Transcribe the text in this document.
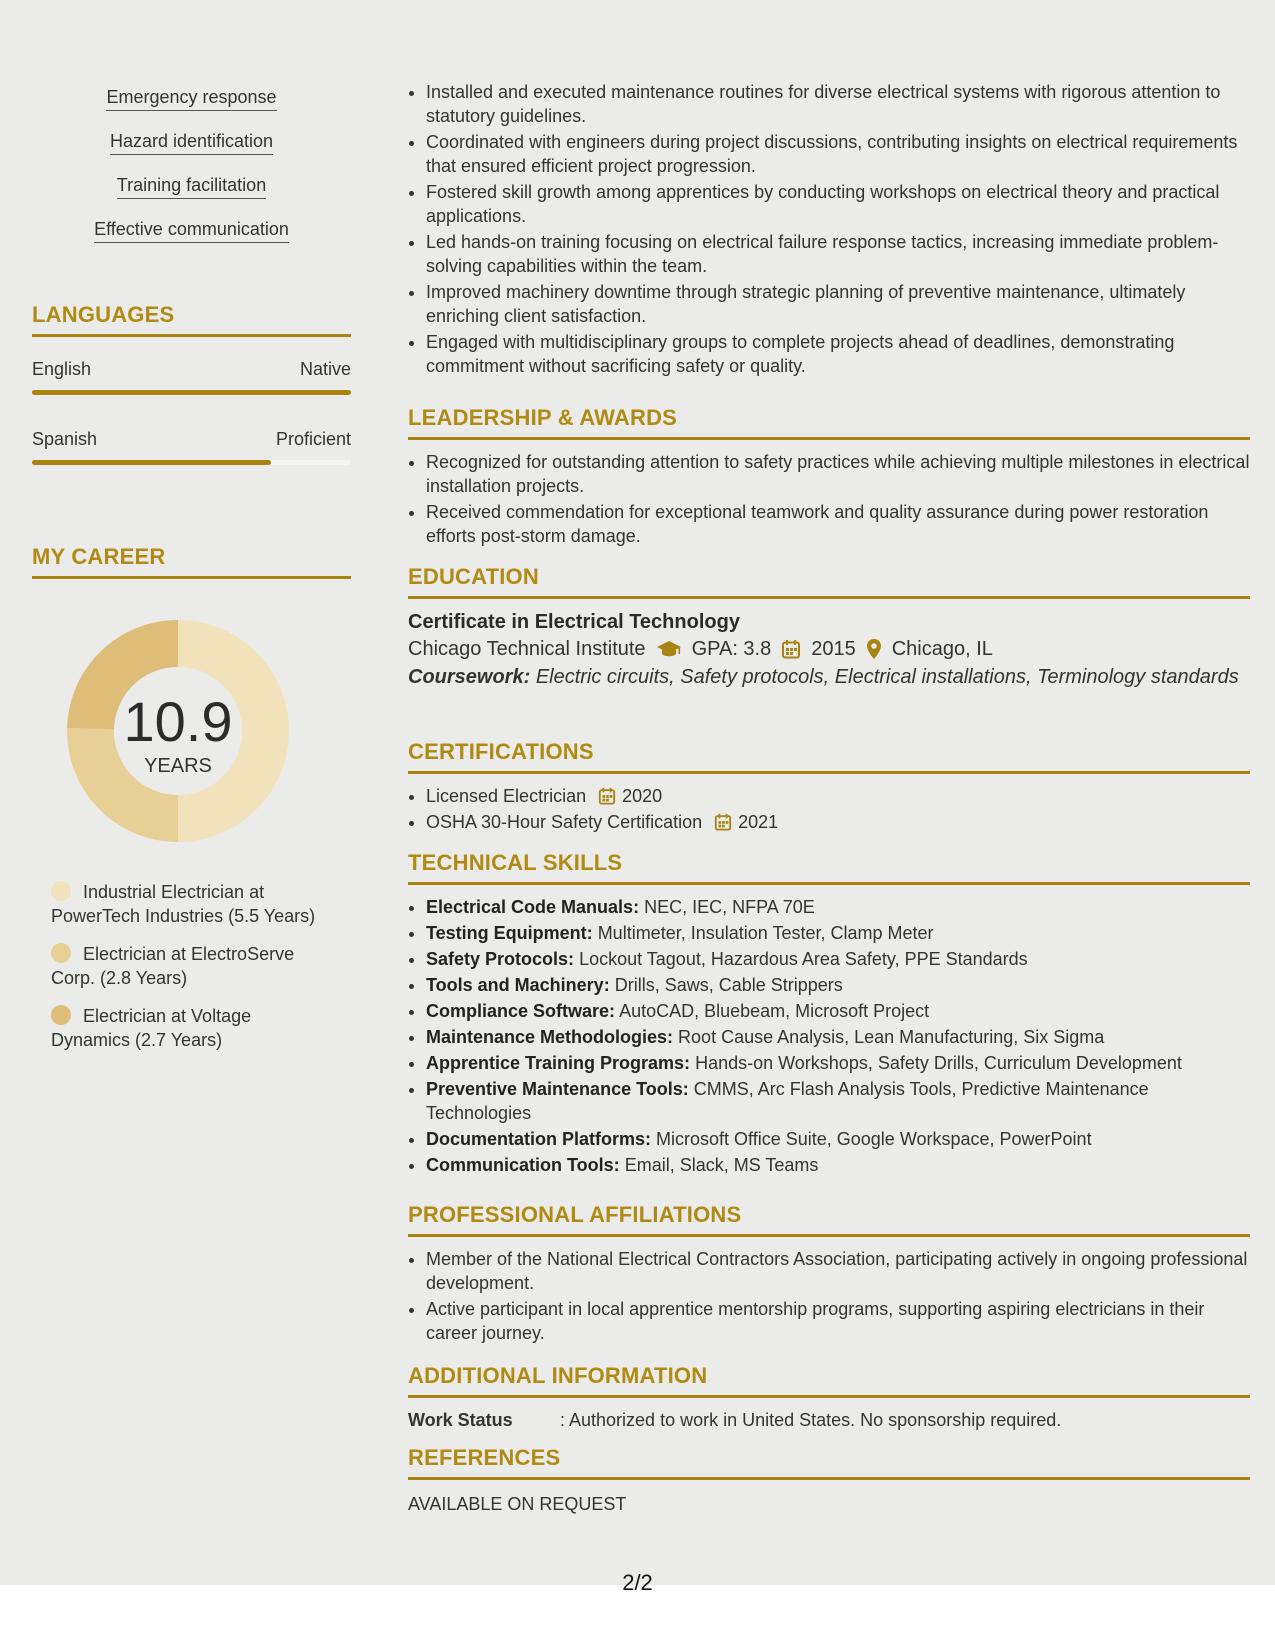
Emergency response
Hazard identification
Training facilitation
Effective communication
LANGUAGES
English	Native
Spanish	Proficient
MY CAREER
10.9
YEARS
Industrial Electrician at PowerTech Industries (5.5 Years)
Electrician at ElectroServe Corp. (2.8 Years)
Electrician at Voltage Dynamics (2.7 Years)
• Installed and executed maintenance routines for diverse electrical systems with rigorous attention to statutory guidelines.
• Coordinated with engineers during project discussions, contributing insights on electrical requirements that ensured efficient project progression.
• Fostered skill growth among apprentices by conducting workshops on electrical theory and practical applications.
• Led hands-on training focusing on electrical failure response tactics, increasing immediate problem-solving capabilities within the team.
• Improved machinery downtime through strategic planning of preventive maintenance, ultimately enriching client satisfaction.
• Engaged with multidisciplinary groups to complete projects ahead of deadlines, demonstrating commitment without sacrificing safety or quality.
LEADERSHIP & AWARDS
• Recognized for outstanding attention to safety practices while achieving multiple milestones in electrical installation projects.
• Received commendation for exceptional teamwork and quality assurance during power restoration efforts post-storm damage.
EDUCATION
Certificate in Electrical Technology
Chicago Technical Institute GPA: 3.8 2015 Chicago, IL
Coursework: Electric circuits, Safety protocols, Electrical installations, Terminology standards
CERTIFICATIONS
• Licensed Electrician 2020
• OSHA 30-Hour Safety Certification 2021
TECHNICAL SKILLS
• Electrical Code Manuals: NEC, IEC, NFPA 70E
• Testing Equipment: Multimeter, Insulation Tester, Clamp Meter
• Safety Protocols: Lockout Tagout, Hazardous Area Safety, PPE Standards
• Tools and Machinery: Drills, Saws, Cable Strippers
• Compliance Software: AutoCAD, Bluebeam, Microsoft Project
• Maintenance Methodologies: Root Cause Analysis, Lean Manufacturing, Six Sigma
• Apprentice Training Programs: Hands-on Workshops, Safety Drills, Curriculum Development
• Preventive Maintenance Tools: CMMS, Arc Flash Analysis Tools, Predictive Maintenance Technologies
• Documentation Platforms: Microsoft Office Suite, Google Workspace, PowerPoint
• Communication Tools: Email, Slack, MS Teams
PROFESSIONAL AFFILIATIONS
• Member of the National Electrical Contractors Association, participating actively in ongoing professional development.
• Active participant in local apprentice mentorship programs, supporting aspiring electricians in their career journey.
ADDITIONAL INFORMATION
Work Status	: Authorized to work in United States. No sponsorship required.
REFERENCES
AVAILABLE ON REQUEST
2/2
